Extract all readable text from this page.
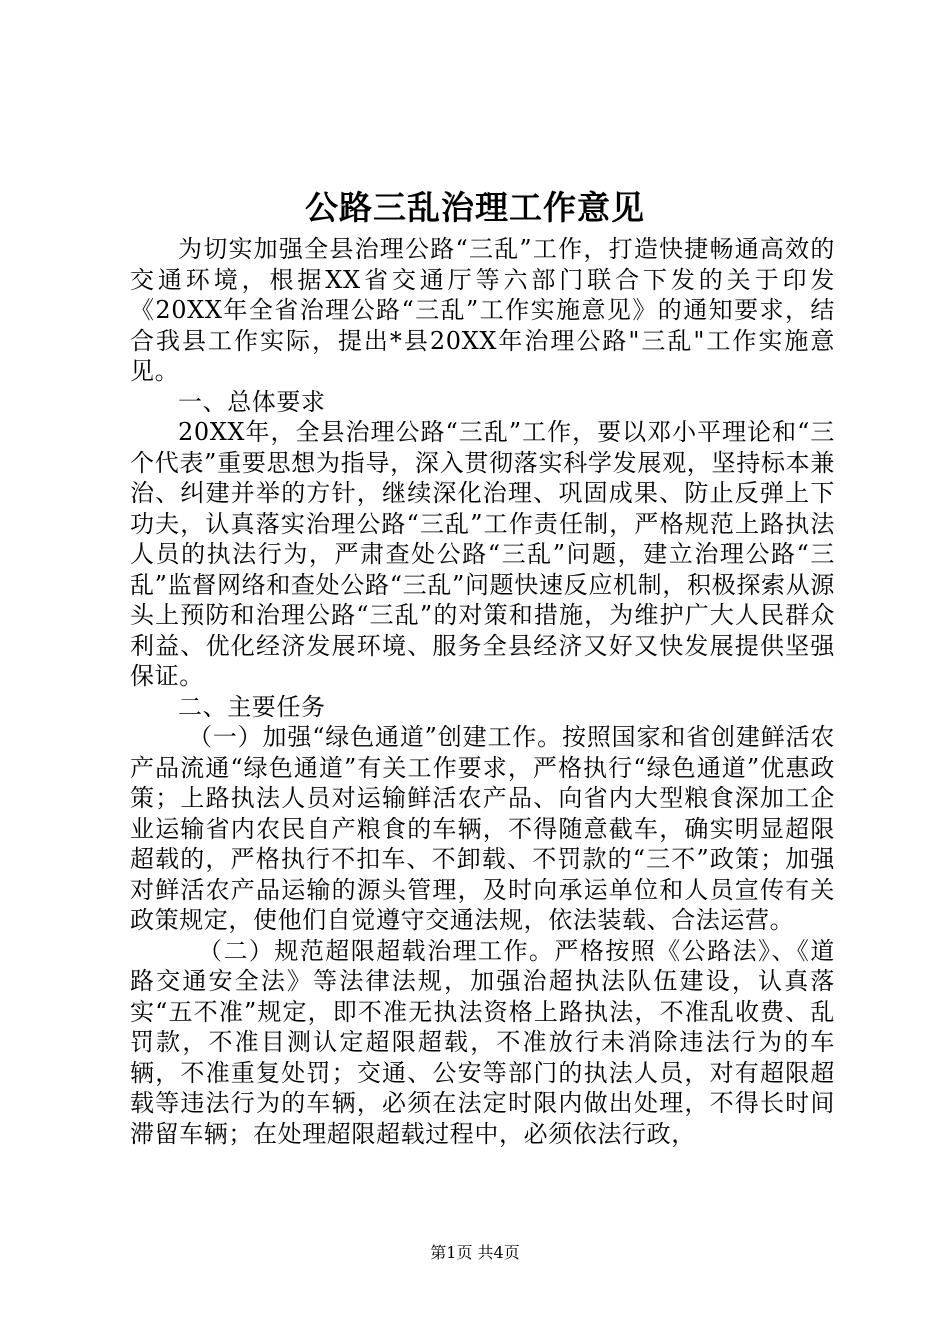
公路三乱治理工作意见

为切实加强全县治理公路“三乱”工作，打造快捷畅通高效的交通环境，根据XX省交通厅等六部门联合下发的关于印发《20XX年全省治理公路“三乱”工作实施意见》的通知要求，结合我县工作实际，提出*县20XX年治理公路"三乱"工作实施意见。

一、总体要求

20XX年，全县治理公路“三乱”工作，要以邓小平理论和“三个代表”重要思想为指导，深入贯彻落实科学发展观，坚持标本兼治、纠建并举的方针，继续深化治理、巩固成果、防止反弹上下功夫，认真落实治理公路“三乱”工作责任制，严格规范上路执法人员的执法行为，严肃查处公路“三乱”问题，建立治理公路“三乱”监督网络和查处公路“三乱”问题快速反应机制，积极探索从源头上预防和治理公路“三乱”的对策和措施，为维护广大人民群众利益、优化经济发展环境、服务全县经济又好又快发展提供坚强保证。

二、主要任务

（一）加强“绿色通道”创建工作。按照国家和省创建鲜活农产品流通“绿色通道”有关工作要求，严格执行“绿色通道”优惠政策；上路执法人员对运输鲜活农产品、向省内大型粮食深加工企业运输省内农民自产粮食的车辆，不得随意截车，确实明显超限超载的，严格执行不扣车、不卸载、不罚款的“三不”政策；加强对鲜活农产品运输的源头管理，及时向承运单位和人员宣传有关政策规定，使他们自觉遵守交通法规，依法装载、合法运营。

（二）规范超限超载治理工作。严格按照《公路法》、《道路交通安全法》等法律法规，加强治超执法队伍建设，认真落实“五不准”规定，即不准无执法资格上路执法，不准乱收费、乱罚款，不准目测认定超限超载，不准放行未消除违法行为的车辆，不准重复处罚；交通、公安等部门的执法人员，对有超限超载等违法行为的车辆，必须在法定时限内做出处理，不得长时间滞留车辆；在处理超限超载过程中，必须依法行政，

第1页 共4页
